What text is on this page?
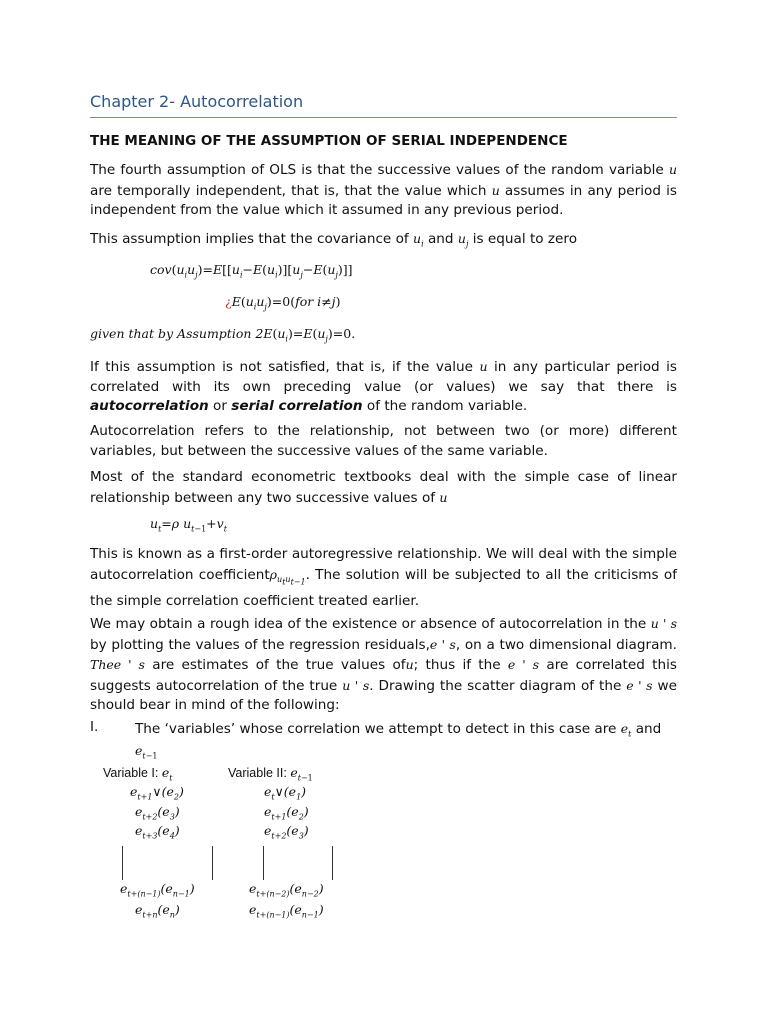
Chapter 2- Autocorrelation
THE MEANING OF THE ASSUMPTION OF SERIAL INDEPENDENCE
The fourth assumption of OLS is that the successive values of the random variable u are temporally independent, that is, that the value which u assumes in any period is independent from the value which it assumed in any previous period.
This assumption implies that the covariance of $u_i$ and $u_j$ is equal to zero
$cov(u_iu_j)=E[[u_i-E(u_i)][u_j-E(u_j)]]$
¿$E(u_iu_j)=0(for$ i≠j)
given that by Assumption $2E(u_i)=E(u_j)=0$.
If this assumption is not satisfied, that is, if the value u in any particular period is correlated with its own preceding value (or values) we say that there is autocorrelation or serial correlation of the random variable.
Autocorrelation refers to the relationship, not between two (or more) different variables, but between the successive values of the same variable.
Most of the standard econometric textbooks deal with the simple case of linear relationship between any two successive values of u
$u_t=\rho$ $u_{t-1}+v_t$
This is known as a first-order autoregressive relationship. We will deal with the simple autocorrelation coefficientρ$_{u_tu_{t-1}}$. The solution will be subjected to all the criticisms of the simple correlation coefficient treated earlier.
We may obtain a rough idea of the existence or absence of autocorrelation in the u ' s by plotting the values of the regression residuals,e ' s, on a two dimensional diagram. Thee ' s are estimates of the true values ofu; thus if the e ' s are correlated this suggests autocorrelation of the true u ' s. Drawing the scatter diagram of the e ' s we should bear in mind of the following:
I.	The ‘variables’ whose correlation we attempt to detect in this case are $e_t$ and
$e_{t-1}$
Variable I: $e_t$	Variable II: $e_{t-1}$
$e_{t+1}\vee(e_2)$
$e_{t+2}(e_3)$
$e_{t+3}(e_4)$
$e_t\vee(e_1)$
$e_{t+1}(e_2)$
$e_{t+2}(e_3)$
$e_{t+(n-1)}(e_{n-1})$
$e_{t+n}(e_n)$
$e_{t+(n-2)}(e_{n-2})$
$e_{t+(n-1)}(e_{n-1})$
